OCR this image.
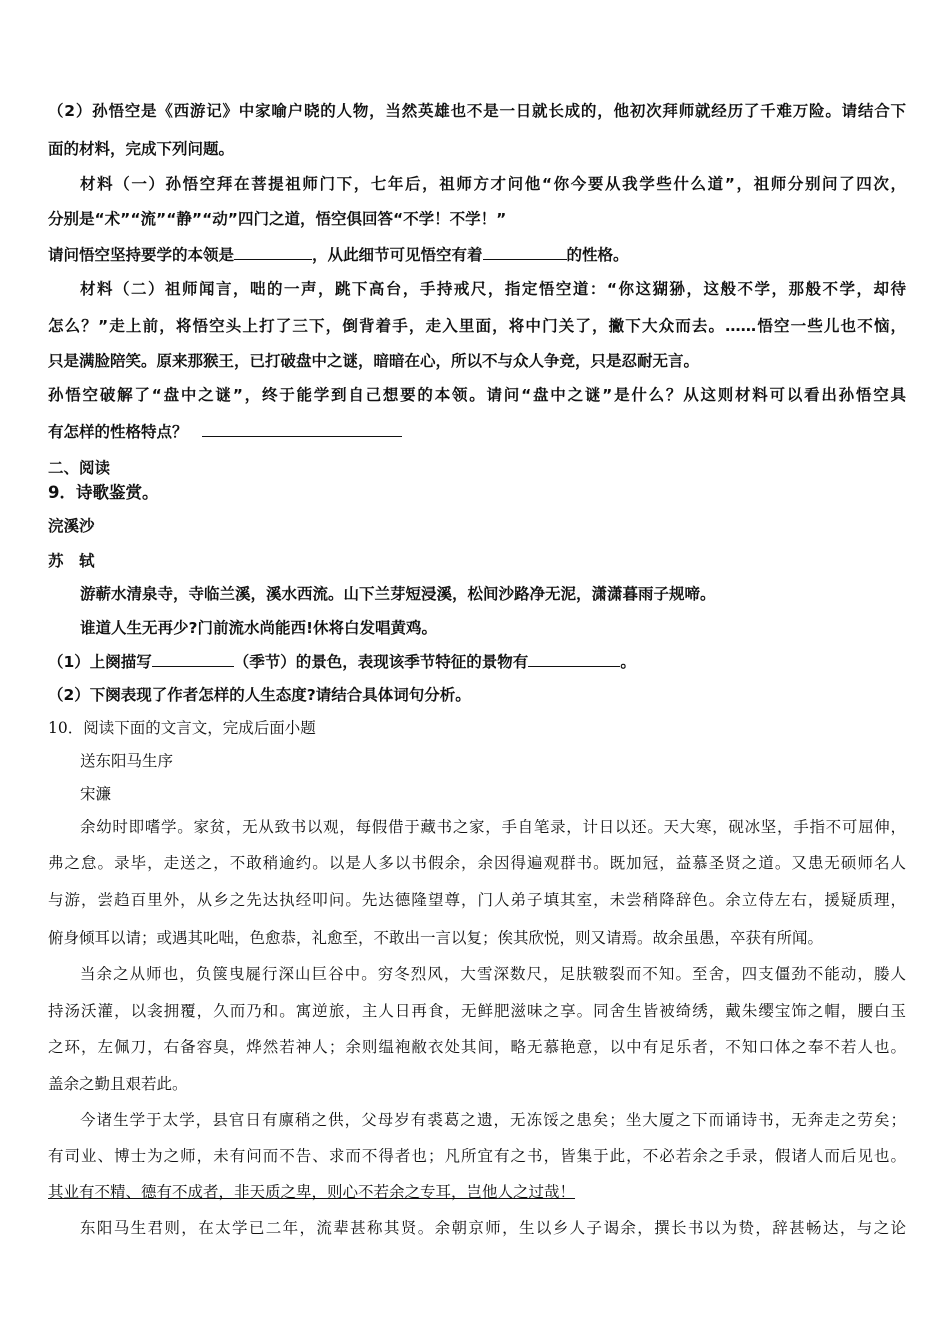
（2）孙悟空是《西游记》中家喻户晓的人物，当然英雄也不是一日就长成的，他初次拜师就经历了千难万险。请结合下
面的材料，完成下列问题。
材料（一）孙悟空拜在菩提祖师门下，七年后，祖师方才问他“你今要从我学些什么道”，祖师分别问了四次，
分别是“术”“流”“静”“动”四门之道，悟空俱回答“不学！不学！”
请问悟空坚持要学的本领是	，从此细节可见悟空有着	的性格。
材料（二）祖师闻言，咄的一声，跳下高台，手持戒尺，指定悟空道：“你这猢狲，这般不学，那般不学，却待
怎么？”走上前，将悟空头上打了三下，倒背着手，走入里面，将中门关了，撇下大众而去。……悟空一些儿也不恼，
只是满脸陪笑。原来那猴王，已打破盘中之谜，暗暗在心，所以不与众人争竞，只是忍耐无言。
孙悟空破解了“盘中之谜”，终于能学到自己想要的本领。请问“盘中之谜”是什么？从这则材料可以看出孙悟空具
有怎样的性格特点？
二、阅读
9．诗歌鉴赏。
浣溪沙
苏　轼
游蕲水清泉寺，寺临兰溪，溪水西流。山下兰芽短浸溪，松间沙路净无泥，潇潇暮雨子规啼。
谁道人生无再少?门前流水尚能西!休将白发唱黄鸡。
（1）上阕描写	（季节）的景色，表现该季节特征的景物有	。
（2）下阕表现了作者怎样的人生态度?请结合具体词句分析。
10．阅读下面的文言文，完成后面小题
送东阳马生序
宋濂
余幼时即嗜学。家贫，无从致书以观，每假借于藏书之家，手自笔录，计日以还。天大寒，砚冰坚，手指不可屈伸，
弗之怠。录毕，走送之，不敢稍逾约。以是人多以书假余，余因得遍观群书。既加冠，益慕圣贤之道。又患无硕师名人
与游，尝趋百里外，从乡之先达执经叩问。先达德隆望尊，门人弟子填其室，未尝稍降辞色。余立侍左右，援疑质理，
俯身倾耳以请；或遇其叱咄，色愈恭，礼愈至，不敢出一言以复；俟其欣悦，则又请焉。故余虽愚，卒获有所闻。
当余之从师也，负箧曳屣行深山巨谷中。穷冬烈风，大雪深数尺，足肤皲裂而不知。至舍，四支僵劲不能动，媵人
持汤沃灌，以衾拥覆，久而乃和。寓逆旅，主人日再食，无鲜肥滋味之享。同舍生皆被绮绣，戴朱缨宝饰之帽，腰白玉
之环，左佩刀，右备容臭，烨然若神人；余则缊袍敝衣处其间，略无慕艳意，以中有足乐者，不知口体之奉不若人也。
盖余之勤且艰若此。
今诸生学于太学，县官日有廪稍之供，父母岁有裘葛之遗，无冻馁之患矣；坐大厦之下而诵诗书，无奔走之劳矣；
有司业、博士为之师，未有问而不告、求而不得者也；凡所宜有之书，皆集于此，不必若余之手录，假诸人而后见也。
其业有不精、德有不成者，非天质之卑，则心不若余之专耳，岂他人之过哉！
东阳马生君则，在太学已二年，流辈甚称其贤。余朝京师，生以乡人子谒余，撰长书以为贽，辞甚畅达，与之论
